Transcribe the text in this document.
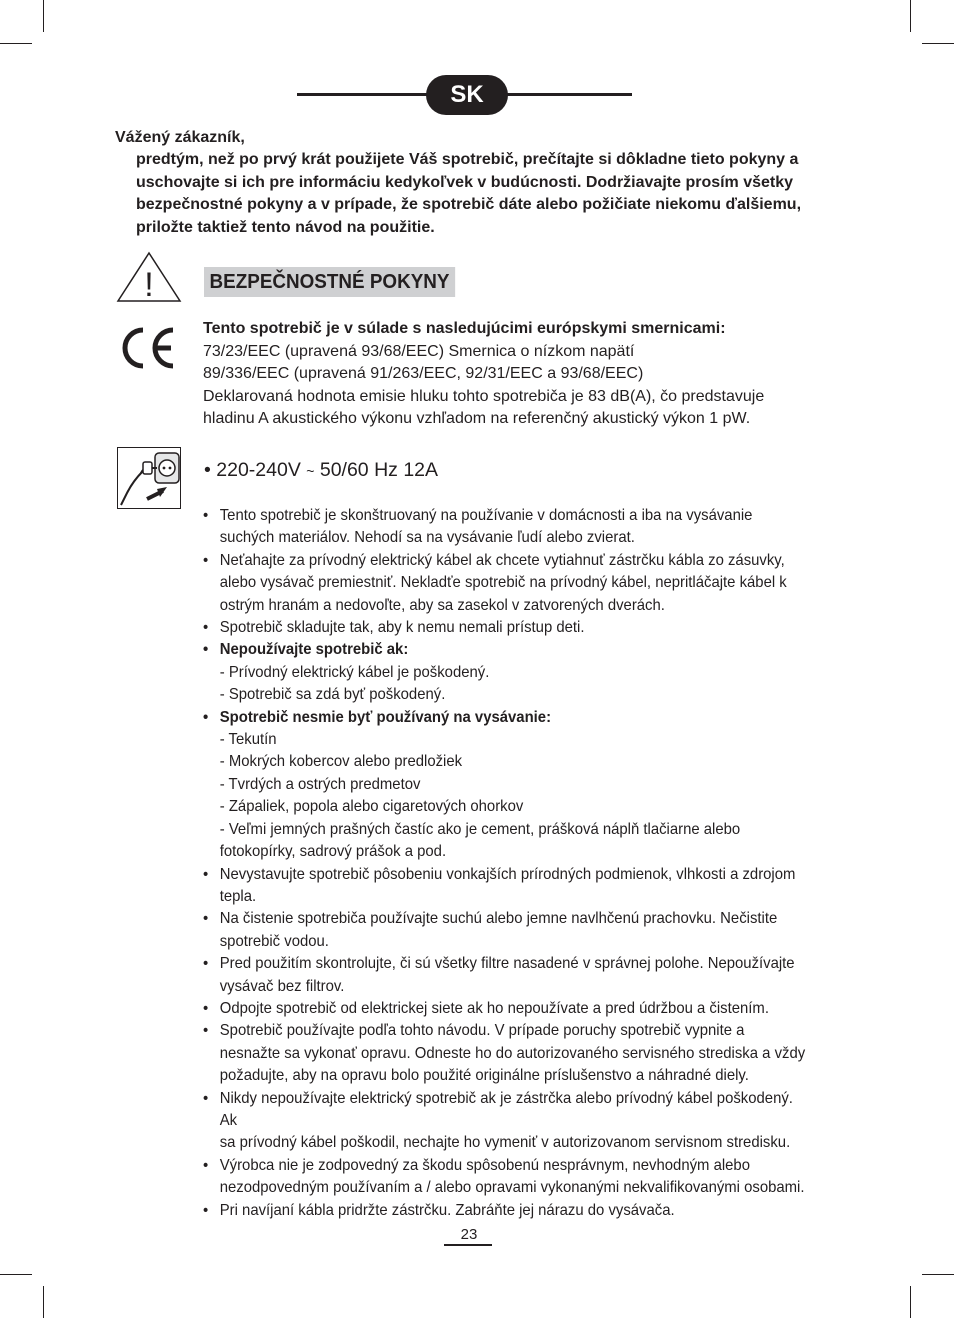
SK
Vážený zákazník,
predtým, než po prvý krát použijete Váš spotrebič, prečítajte si dôkladne tieto pokyny a
uschovajte si ich pre informáciu kedykoľvek v budúcnosti. Dodržiavajte prosím všetky
bezpečnostné pokyny a v prípade, že spotrebič dáte alebo požičiate niekomu ďalšiemu,
priložte taktiež tento návod na použitie.
!	BEZPEČNOSTNÉ POKYNY
Tento spotrebič je v súlade s nasledujúcimi európskymi smernicami:
73/23/EEC (upravená 93/68/EEC) Smernica o nízkom napätí
89/336/EEC (upravená 91/263/EEC, 92/31/EEC a 93/68/EEC)
Deklarovaná hodnota emisie hluku tohto spotrebiča je 83 dB(A), čo predstavuje
hladinu A akustického výkonu vzhľadom na referenčný akustický výkon 1 pW.
• 220-240V ~ 50/60 Hz 12A
• Tento spotrebič je skonštruovaný na používanie v domácnosti a iba na vysávanie
suchých materiálov. Nehodí sa na vysávanie ľudí alebo zvierat.
• Neťahajte za prívodný elektrický kábel ak chcete vytiahnuť zástrčku kábla zo zásuvky,
alebo vysávač premiestniť. Nekladťe spotrebič na prívodný kábel, nepritláčajte kábel k
ostrým hranám a nedovoľte, aby sa zasekol v zatvorených dverách.
• Spotrebič skladujte tak, aby k nemu nemali prístup deti.
• Nepoužívajte spotrebič ak:
- Prívodný elektrický kábel je poškodený.
- Spotrebič sa zdá byť poškodený.
• Spotrebič nesmie byť používaný na vysávanie:
- Tekutín
- Mokrých kobercov alebo predložiek
- Tvrdých a ostrých predmetov
- Zápaliek, popola alebo cigaretových ohorkov
- Veľmi jemných prašných častíc ako je cement, prášková náplň tlačiarne alebo
fotokopírky, sadrový prášok a pod.
• Nevystavujte spotrebič pôsobeniu vonkajších prírodných podmienok, vlhkosti a zdrojom
tepla.
• Na čistenie spotrebiča používajte suchú alebo jemne navlhčenú prachovku. Nečistite
spotrebič vodou.
• Pred použitím skontrolujte, či sú všetky filtre nasadené v správnej polohe. Nepoužívajte
vysávač bez filtrov.
• Odpojte spotrebič od elektrickej siete ak ho nepoužívate a pred údržbou a čistením.
• Spotrebič používajte podľa tohto návodu. V prípade poruchy spotrebič vypnite a
nesnažte sa vykonať opravu. Odneste ho do autorizovaného servisného strediska a vždy
požadujte, aby na opravu bolo použité originálne príslušenstvo a náhradné diely.
• Nikdy nepoužívajte elektrický spotrebič ak je zástrčka alebo prívodný kábel poškodený. Ak
sa prívodný kábel poškodil, nechajte ho vymeniť v autorizovanom servisnom stredisku.
• Výrobca nie je zodpovedný za škodu spôsobenú nesprávnym, nevhodným alebo
nezodpovedným používaním a / alebo opravami vykonanými nekvalifikovanými osobami.
• Pri navíjaní kábla pridržte zástrčku. Zabráňte jej nárazu do vysávača.
23
